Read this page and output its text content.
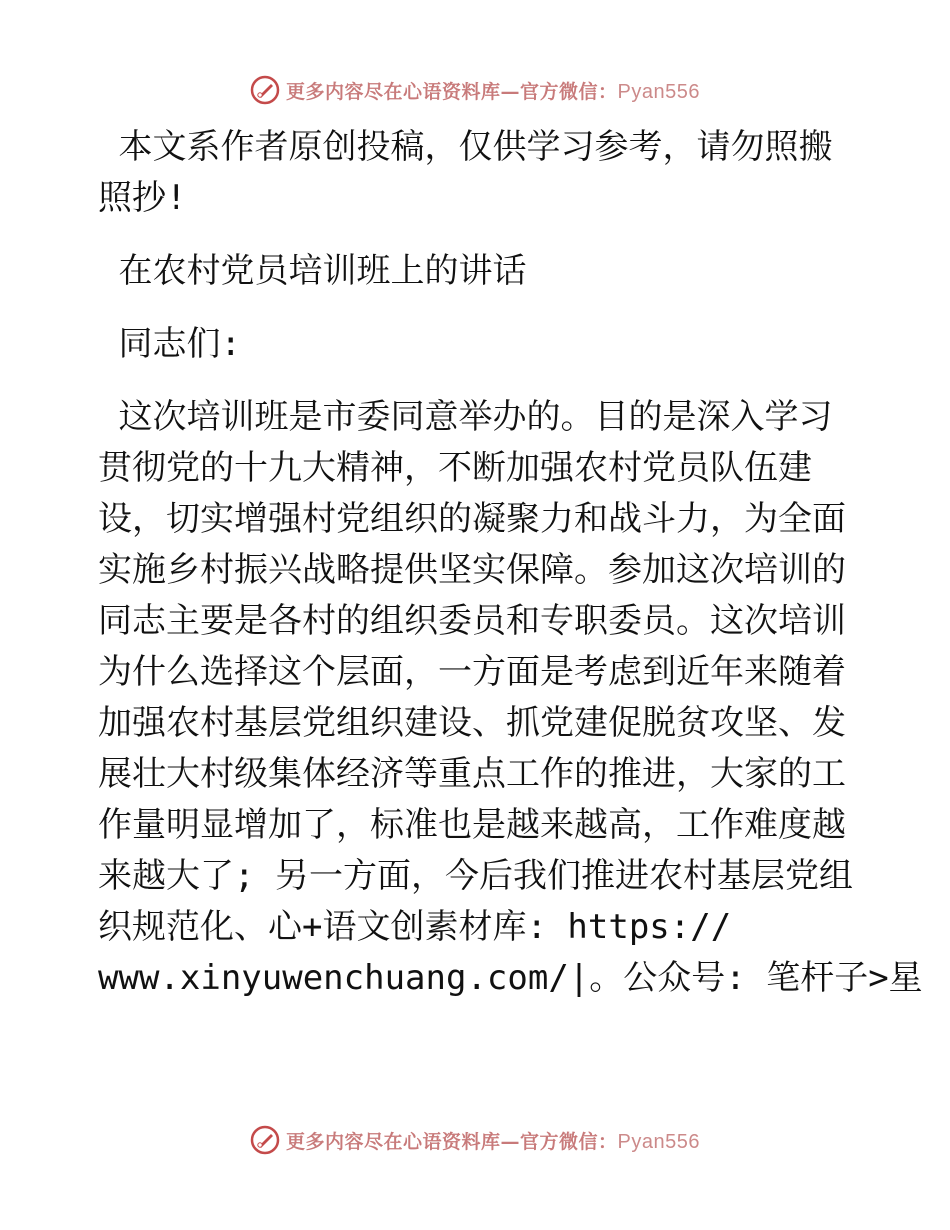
更多内容尽在心语资料库—官方微信：Pyan556
本文系作者原创投稿，仅供学习参考，请勿照搬
照抄!
在农村党员培训班上的讲话
同志们:
这次培训班是市委同意举办的。目的是深入学习
贯彻党的十九大精神，不断加强农村党员队伍建
设，切实增强村党组织的凝聚力和战斗力，为全面
实施乡村振兴战略提供坚实保障。参加这次培训的
同志主要是各村的组织委员和专职委员。这次培训
为什么选择这个层面，一方面是考虑到近年来随着
加强农村基层党组织建设、抓党建促脱贫攻坚、发
展壮大村级集体经济等重点工作的推进，大家的工
作量明显增加了，标准也是越来越高，工作难度越
来越大了; 另一方面，今后我们推进农村基层党组
织规范化、心+语文创素材库: https://
www.xinyuwenchuang.com/|。公众号: 笔杆子>星
更多内容尽在心语资料库—官方微信：Pyan556
